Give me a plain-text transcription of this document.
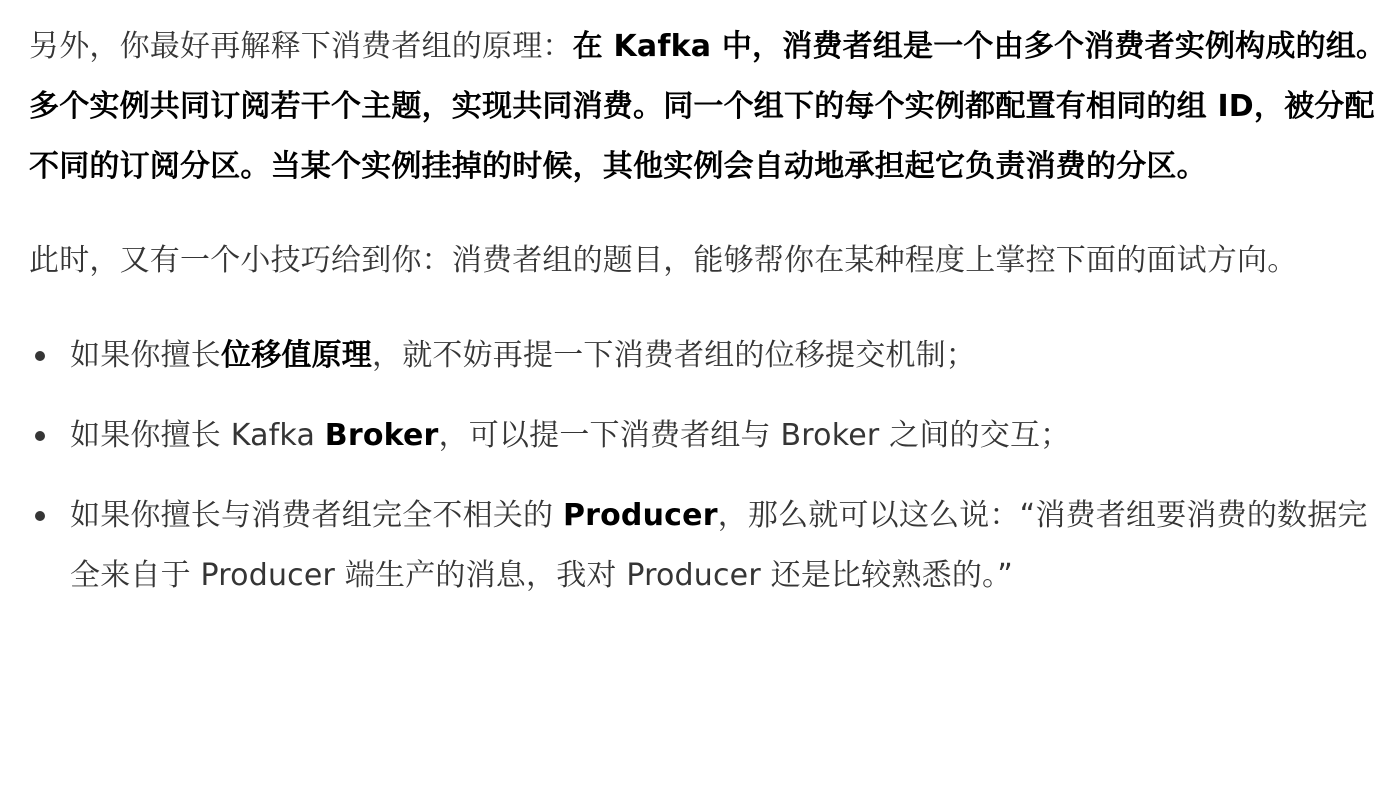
另外，你最好再解释下消费者组的原理：在 Kafka 中，消费者组是一个由多个消费者实例构成的组。多个实例共同订阅若干个主题，实现共同消费。同一个组下的每个实例都配置有相同的组 ID，被分配不同的订阅分区。当某个实例挂掉的时候，其他实例会自动地承担起它负责消费的分区。

此时，又有一个小技巧给到你：消费者组的题目，能够帮你在某种程度上掌控下面的面试方向。

如果你擅长位移值原理，就不妨再提一下消费者组的位移提交机制；
如果你擅长 Kafka Broker，可以提一下消费者组与 Broker 之间的交互；
如果你擅长与消费者组完全不相关的 Producer，那么就可以这么说：“消费者组要消费的数据完全来自于 Producer 端生产的消息，我对 Producer 还是比较熟悉的。”
